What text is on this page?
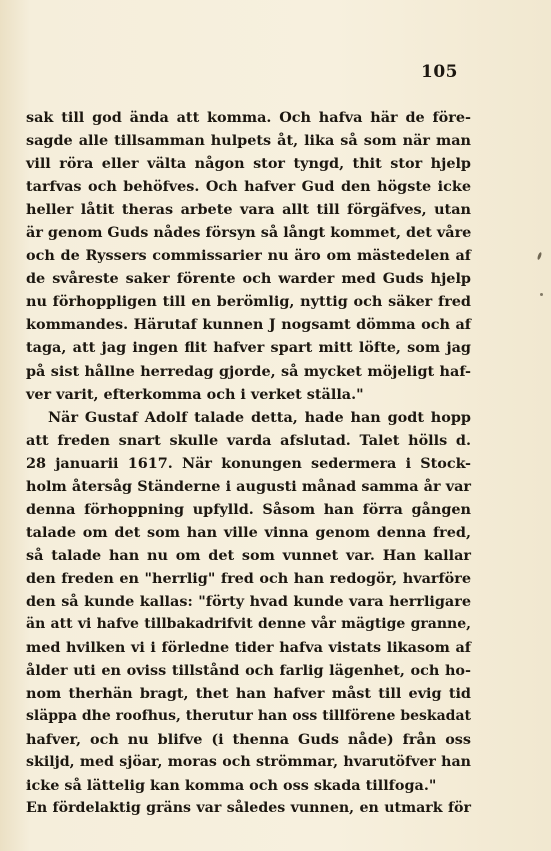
105
sak till god ända att komma. Och hafva här de före-
sagde alle tillsamman hulpets åt, lika så som när man
vill röra eller välta någon stor tyngd, thit stor hjelp
tarfvas och behöfves. Och hafver Gud den högste icke
heller låtit theras arbete vara allt till förgäfves, utan
är genom Guds nådes försyn så långt kommet, det våre
och de Ryssers commissarier nu äro om mästedelen af
de svåreste saker förente och warder med Guds hjelp
nu förhoppligen till en berömlig, nyttig och säker fred
kommandes. Härutaf kunnen J nogsamt dömma och af
taga, att jag ingen flit hafver spart mitt löfte, som jag
på sist hållne herredag gjorde, så mycket möjeligt haf-
ver varit, efterkomma och i verket ställa."
När Gustaf Adolf talade detta, hade han godt hopp
att freden snart skulle varda afslutad. Talet hölls d.
28 januarii 1617. När konungen sedermera i Stock-
holm återsåg Ständerne i augusti månad samma år var
denna förhoppning upfylld. Såsom han förra gången
talade om det som han ville vinna genom denna fred,
så talade han nu om det som vunnet var. Han kallar
den freden en "herrlig" fred och han redogör, hvarföre
den så kunde kallas: "förty hvad kunde vara herrligare
än att vi hafve tillbakadrifvit denne vår mägtige granne,
med hvilken vi i förledne tider hafva vistats likasom af
ålder uti en oviss tillstånd och farlig lägenhet, och ho-
nom therhän bragt, thet han hafver måst till evig tid
släppa dhe roofhus, therutur han oss tillförene beskadat
hafver, och nu blifve (i thenna Guds nåde) från oss
skiljd, med sjöar, moras och strömmar, hvarutöfver han
icke så lättelig kan komma och oss skada tillfoga."
En fördelaktig gräns var således vunnen, en utmark för
